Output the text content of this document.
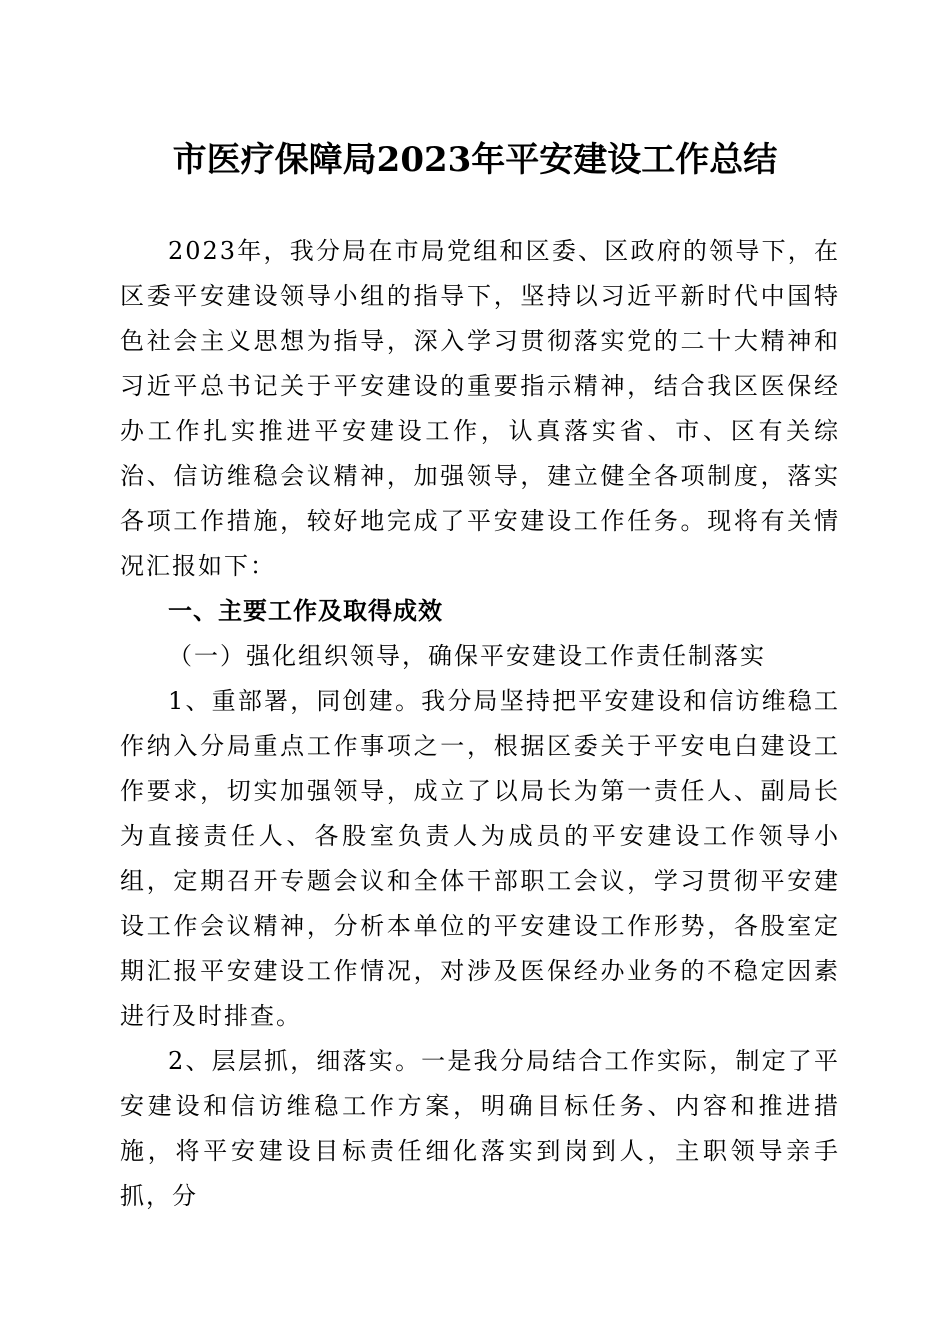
市医疗保障局2023年平安建设工作总结

2023年，我分局在市局党组和区委、区政府的领导下，在区委平安建设领导小组的指导下，坚持以习近平新时代中国特色社会主义思想为指导，深入学习贯彻落实党的二十大精神和习近平总书记关于平安建设的重要指示精神，结合我区医保经办工作扎实推进平安建设工作，认真落实省、市、区有关综治、信访维稳会议精神，加强领导，建立健全各项制度，落实各项工作措施，较好地完成了平安建设工作任务。现将有关情况汇报如下：

一、主要工作及取得成效

（一）强化组织领导，确保平安建设工作责任制落实

1、重部署，同创建。我分局坚持把平安建设和信访维稳工作纳入分局重点工作事项之一，根据区委关于平安电白建设工作要求，切实加强领导，成立了以局长为第一责任人、副局长为直接责任人、各股室负责人为成员的平安建设工作领导小组，定期召开专题会议和全体干部职工会议，学习贯彻平安建设工作会议精神，分析本单位的平安建设工作形势，各股室定期汇报平安建设工作情况，对涉及医保经办业务的不稳定因素进行及时排查。

2、层层抓，细落实。一是我分局结合工作实际，制定了平安建设和信访维稳工作方案，明确目标任务、内容和推进措施，将平安建设目标责任细化落实到岗到人，主职领导亲手抓，分
